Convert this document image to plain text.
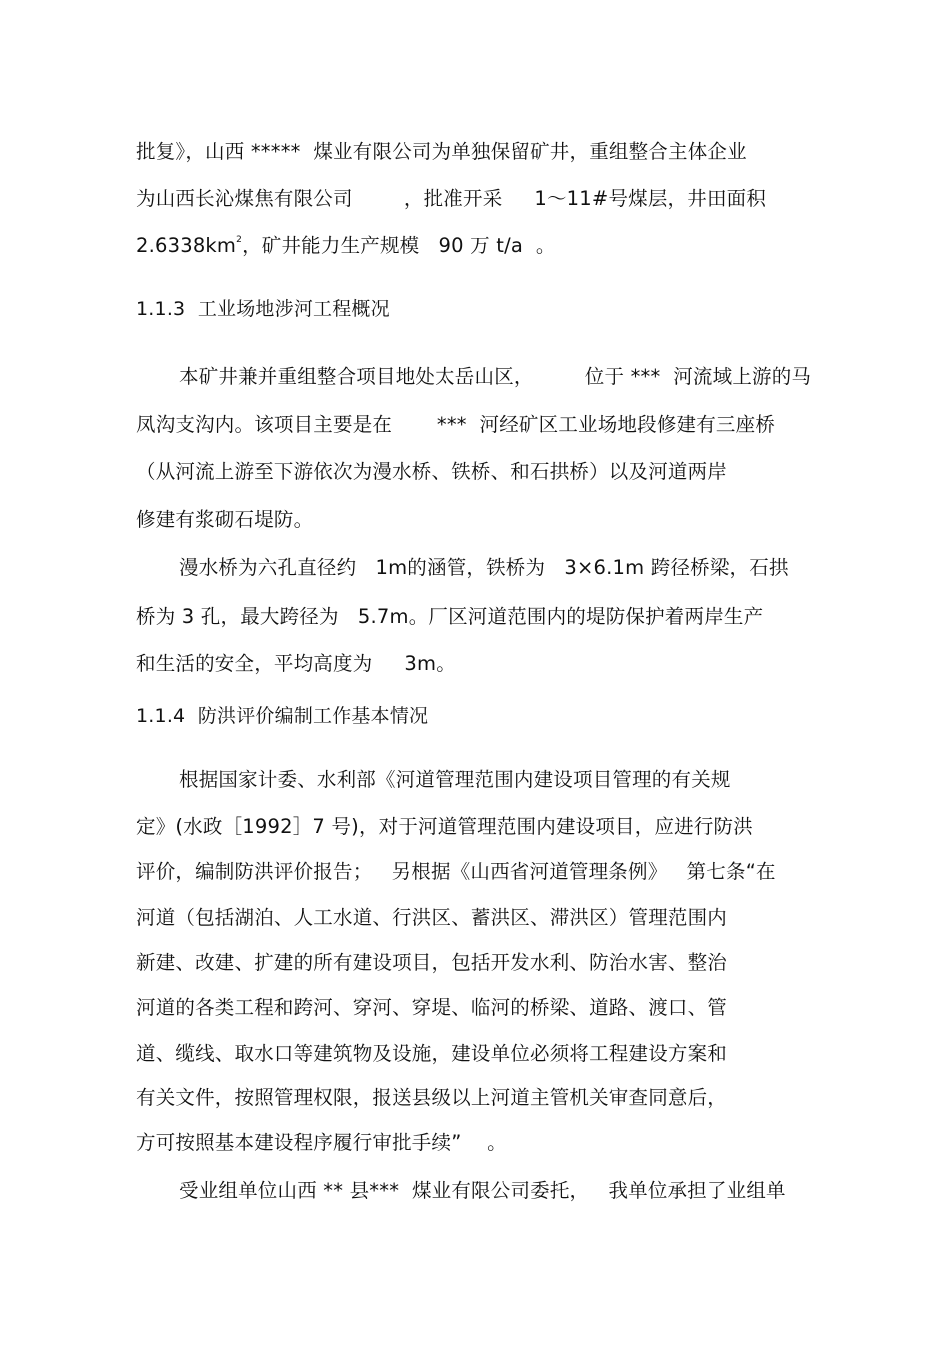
批复》，山西 *****  煤业有限公司为单独保留矿井，重组整合主体企业
为山西长沁煤焦有限公司        ，批准开采     1～11#号煤层，井田面积
$2.6338km^2$，矿井能力生产规模   90 万 t/a  。
1.1.3  工业场地涉河工程概况
本矿井兼并重组整合项目地处太岳山区，        位于 ***  河流域上游的马
凤沟支沟内。该项目主要是在       ***  河经矿区工业场地段修建有三座桥
（从河流上游至下游依次为漫水桥、铁桥、和石拱桥）以及河道两岸
修建有浆砌石堤防。
漫水桥为六孔直径约   1m的涵管，铁桥为   3×6.1m 跨径桥梁，石拱
桥为 3 孔，最大跨径为   5.7m。厂区河道范围内的堤防保护着两岸生产
和生活的安全，平均高度为     3m。
1.1.4  防洪评价编制工作基本情况
根据国家计委、水利部《河道管理范围内建设项目管理的有关规
定》(水政［1992］7 号)，对于河道管理范围内建设项目，应进行防洪
评价，编制防洪评价报告；   另根据《山西省河道管理条例》   第七条“在
河道（包括湖泊、人工水道、行洪区、蓄洪区、滞洪区）管理范围内
新建、改建、扩建的所有建设项目，包括开发水利、防治水害、整治
河道的各类工程和跨河、穿河、穿堤、临河的桥梁、道路、渡口、管
道、缆线、取水口等建筑物及设施，建设单位必须将工程建设方案和
有关文件，按照管理权限，报送县级以上河道主管机关审查同意后，
方可按照基本建设程序履行审批手续”    。
受业组单位山西 ** 县***  煤业有限公司委托，   我单位承担了业组单
